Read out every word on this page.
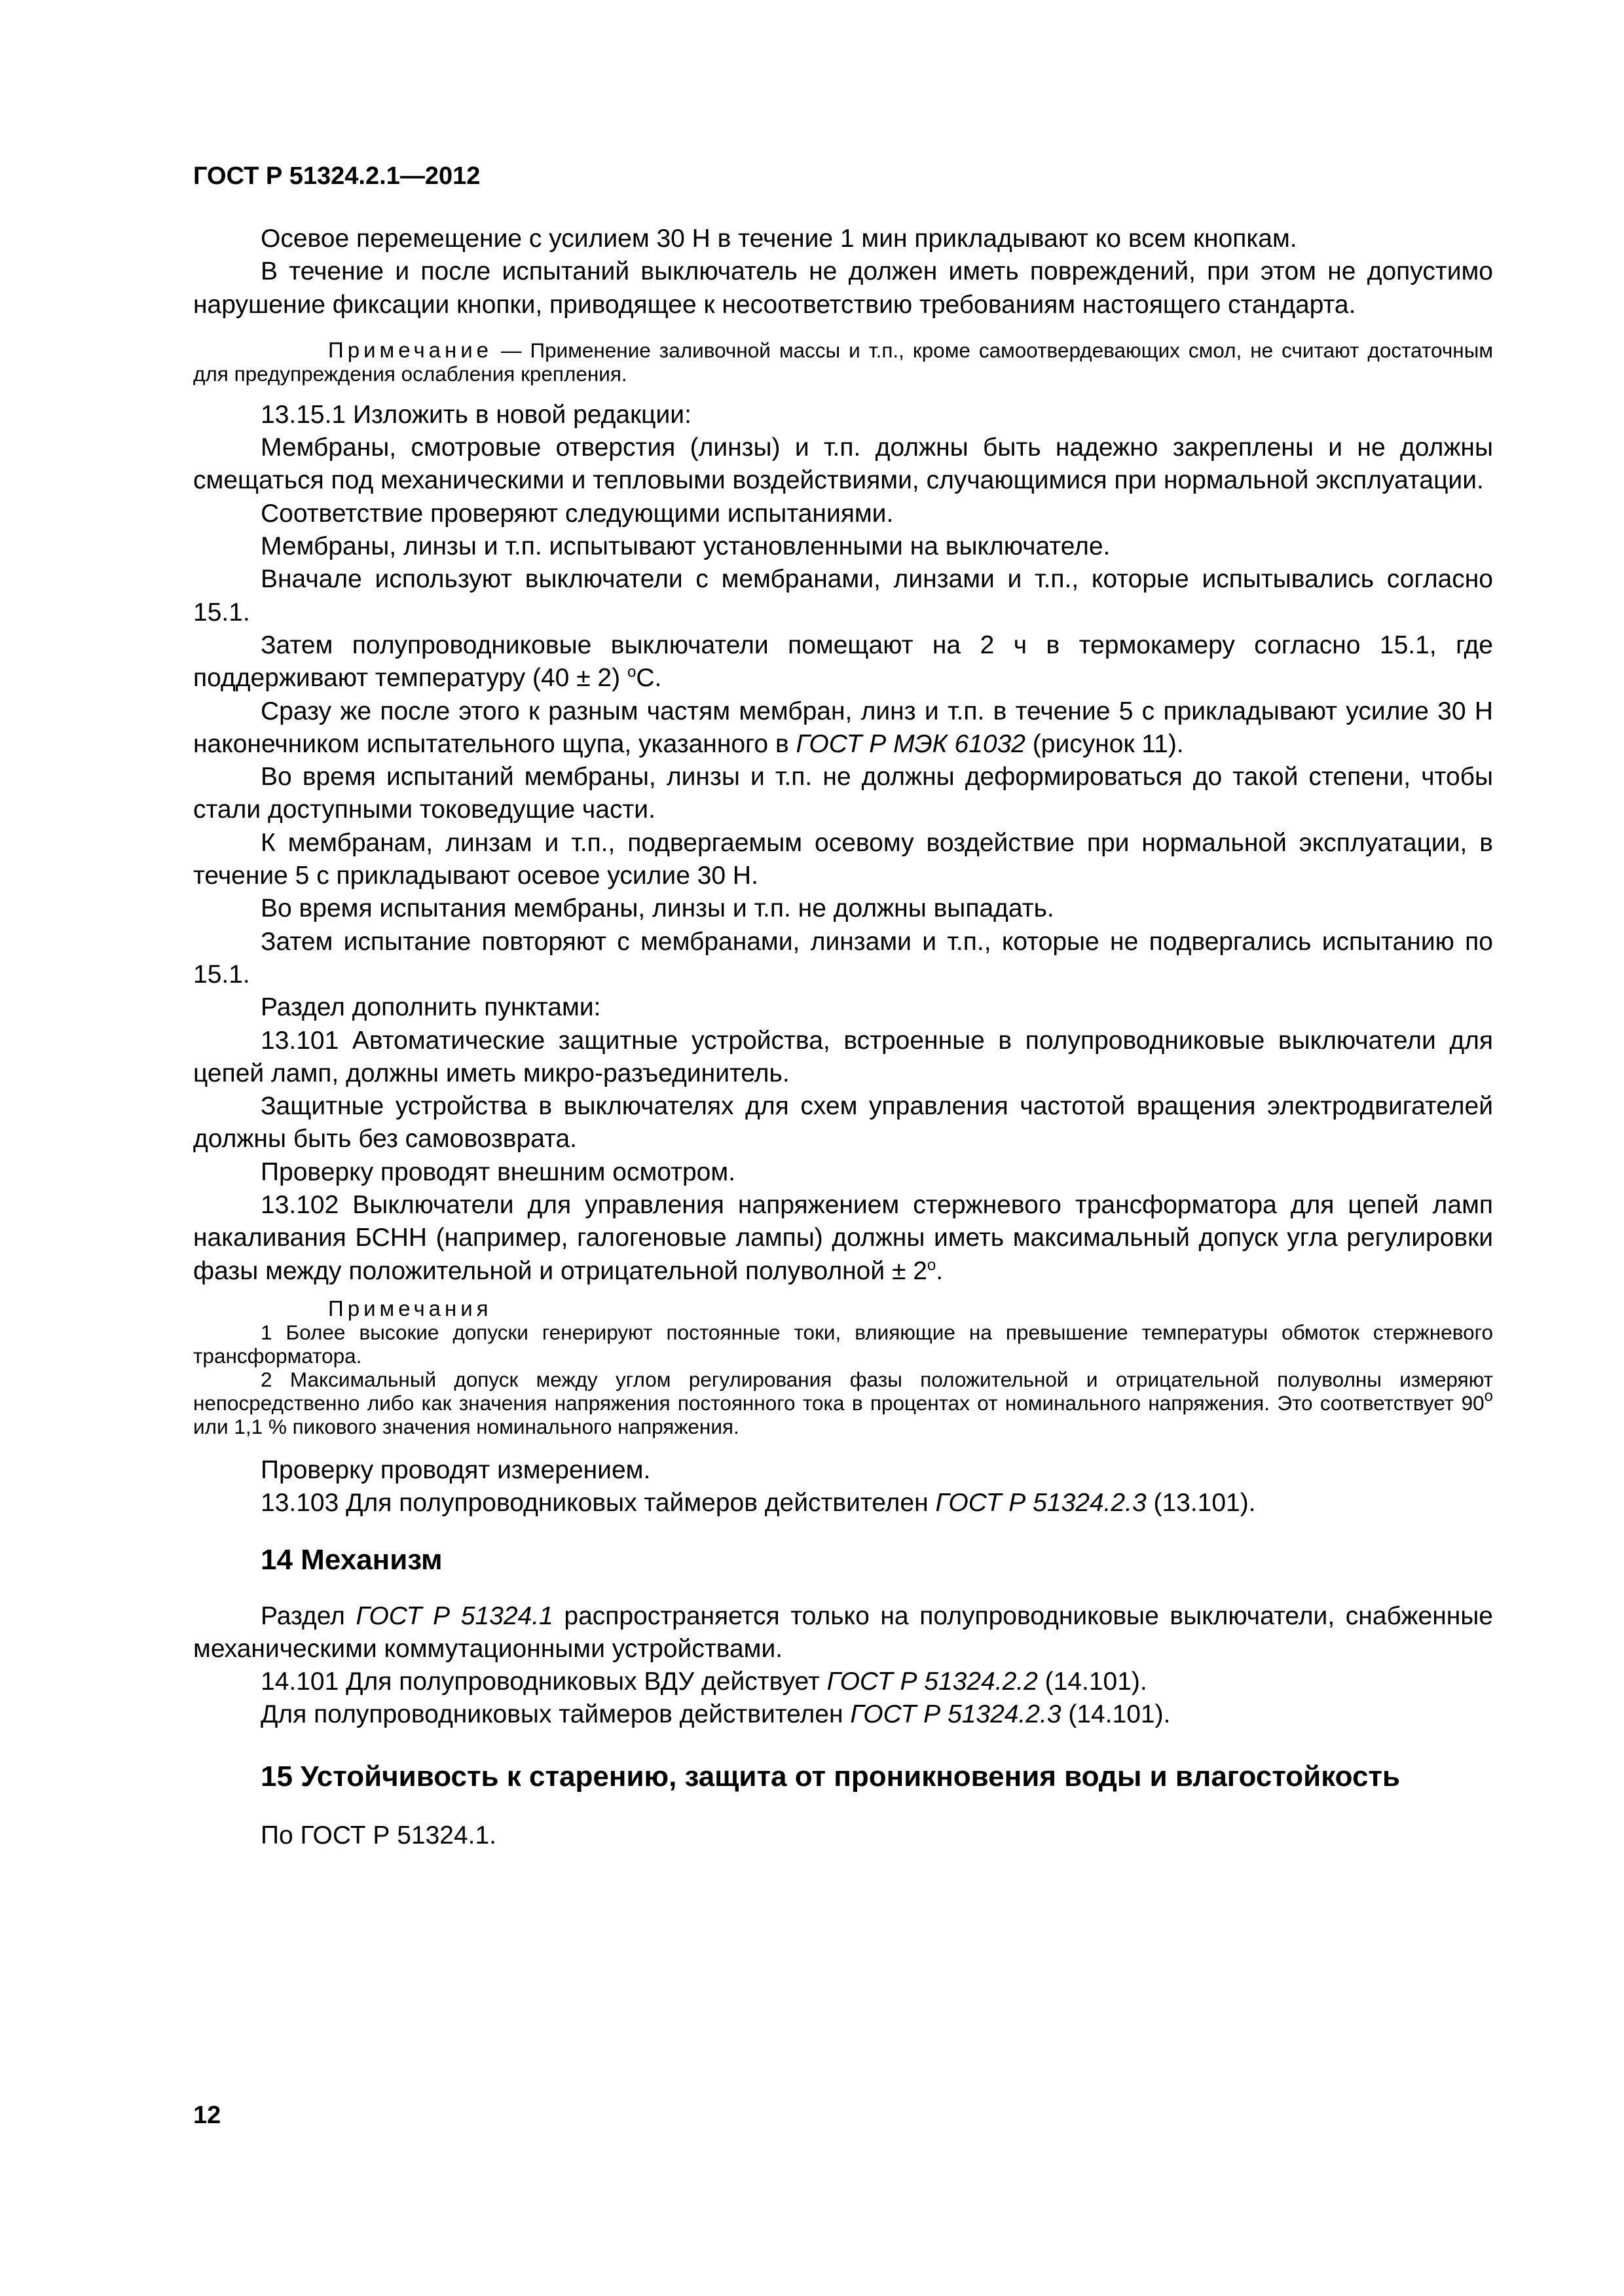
ГОСТ Р 51324.2.1—2012

Осевое перемещение с усилием 30 Н в течение 1 мин прикладывают ко всем кнопкам.

В течение и после испытаний выключатель не должен иметь повреждений, при этом не допустимо нарушение фиксации кнопки, приводящее к несоответствию требованиям настоящего стандарта.

Примечание — Применение заливочной массы и т.п., кроме самоотвердевающих смол, не считают достаточным для предупреждения ослабления крепления.

13.15.1 Изложить в новой редакции:

Мембраны, смотровые отверстия (линзы) и т.п. должны быть надежно закреплены и не должны смещаться под механическими и тепловыми воздействиями, случающимися при нормальной эксплуатации.

Соответствие проверяют следующими испытаниями.

Мембраны, линзы и т.п. испытывают установленными на выключателе.

Вначале используют выключатели с мембранами, линзами и т.п., которые испытывались согласно 15.1.

Затем полупроводниковые выключатели помещают на 2 ч в термокамеру согласно 15.1, где поддерживают температуру (40 ± 2) $^o$С.

Сразу же после этого к разным частям мембран, линз и т.п. в течение 5 с прикладывают усилие 30 Н наконечником испытательного щупа, указанного в ГОСТ Р МЭК 61032 (рисунок 11).

Во время испытаний мембраны, линзы и т.п. не должны деформироваться до такой степени, чтобы стали доступными токоведущие части.

К мембранам, линзам и т.п., подвергаемым осевому воздействие при нормальной эксплуатации, в течение 5 с прикладывают осевое усилие 30 Н.

Во время испытания мембраны, линзы и т.п. не должны выпадать.

Затем испытание повторяют с мембранами, линзами и т.п., которые не подвергались испытанию по 15.1.

Раздел дополнить пунктами:

13.101 Автоматические защитные устройства, встроенные в полупроводниковые выключатели для цепей ламп, должны иметь микро-разъединитель.

Защитные устройства в выключателях для схем управления частотой вращения электродвигателей должны быть без самовозврата.

Проверку проводят внешним осмотром.

13.102 Выключатели для управления напряжением стержневого трансформатора для цепей ламп накаливания БСНН (например, галогеновые лампы) должны иметь максимальный допуск угла регулировки фазы между положительной и отрицательной полуволной ± $2^o$.

Примечания

1 Более высокие допуски генерируют постоянные токи, влияющие на превышение температуры обмоток стержневого трансформатора.

2 Максимальный допуск между углом регулирования фазы положительной и отрицательной полуволны измеряют непосредственно либо как значения напряжения постоянного тока в процентах от номинального напряжения. Это соответствует 90$^o$ или 1,1 % пикового значения номинального напряжения.

Проверку проводят измерением.

13.103 Для полупроводниковых таймеров действителен ГОСТ Р 51324.2.3 (13.101).

14 Механизм

Раздел ГОСТ Р 51324.1 распространяется только на полупроводниковые выключатели, снабженные механическими коммутационными устройствами.

14.101 Для полупроводниковых ВДУ действует ГОСТ Р 51324.2.2 (14.101).

Для полупроводниковых таймеров действителен ГОСТ Р 51324.2.3 (14.101).

15 Устойчивость к старению, защита от проникновения воды и влагостойкость

По ГОСТ Р 51324.1.

12
